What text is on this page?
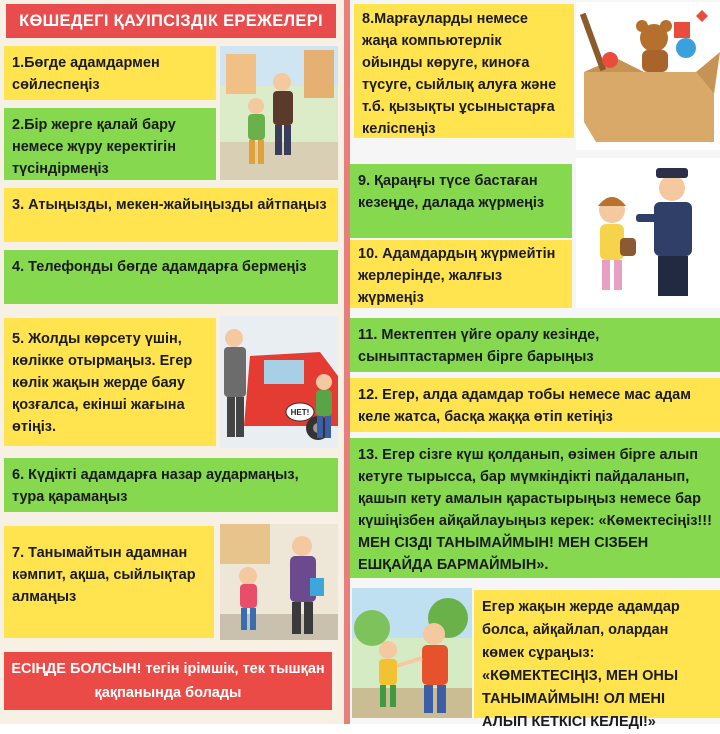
КӨШЕДЕГІ ҚАУІПСІЗДІК ЕРЕЖЕЛЕРІ
1.Бөгде адамдармен сөйлеспеңіз
2.Бір жерге қалай бару немесе жүру керектігін түсіндірмеңіз
3. Атыңызды, мекен-жайыңызды айтпаңыз
4. Телефонды бөгде адамдарға бермеңіз
5. Жолды көрсету үшін, көлікке отырмаңыз. Егер көлік жақын жерде баяу қозғалса, екінші жағына өтіңіз.
НЕТ!
6. Күдікті адамдарға назар аудармаңыз, тура қарамаңыз
7. Танымайтын адамнан кәмпит, ақша, сыйлықтар алмаңыз
ЕСІҢДЕ БОЛСЫН! тегін ірімшік, тек тышқан қақпанында болады
8.Марғауларды немесе жаңа компьютерлік ойынды көруге, киноға түсуге, сыйлық алуға және т.б. қызықты ұсыныстарға келіспеңіз
9. Қараңғы түсе бастаған кезеңде, далада жүрмеңіз
10. Адамдардың жүрмейтін жерлерінде, жалғыз жүрмеңіз
11. Мектептен үйге оралу кезінде, сыныптастармен бірге барыңыз
12. Егер, алда адамдар тобы немесе мас адам келе жатса, басқа жаққа өтіп кетіңіз
13. Егер сізге күш қолданып, өзімен бірге алып кетуге тырысса, бар мүмкіндікті пайдаланып, қашып кету амалын қарастырыңыз немесе бар күшіңізбен айқайлауыңыз керек: «Көмектесіңіз!!! МЕН СІЗДІ ТАНЫМАЙМЫН! МЕН СІЗБЕН ЕШҚАЙДА БАРМАЙМЫН».
Егер жақын жерде адамдар болса, айқайлап, олардан көмек сұраңыз: «КӨМЕКТЕСІҢІЗ, МЕН ОНЫ ТАНЫМАЙМЫН! ОЛ МЕНІ АЛЫП КЕТКІСІ КЕЛЕДІ!»
